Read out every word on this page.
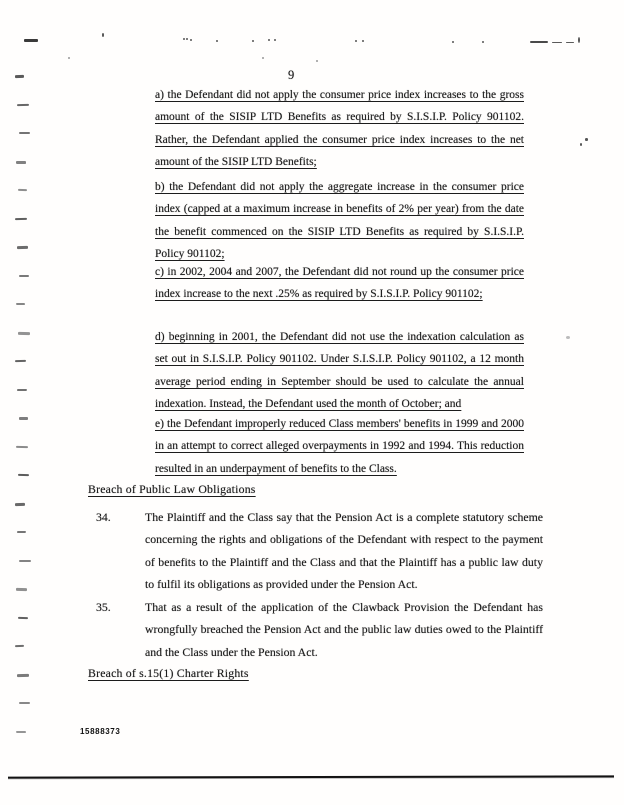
9
a) the Defendant did not apply the consumer price index increases to the gross amount of the SISIP LTD Benefits as required by S.I.S.I.P. Policy 901102. Rather, the Defendant applied the consumer price index increases to the net amount of the SISIP LTD Benefits;
b) the Defendant did not apply the aggregate increase in the consumer price index (capped at a maximum increase in benefits of 2% per year) from the date the benefit commenced on the SISIP LTD Benefits as required by S.I.S.I.P. Policy 901102;
c) in 2002, 2004 and 2007, the Defendant did not round up the consumer price index increase to the next .25% as required by S.I.S.I.P. Policy 901102;
d) beginning in 2001, the Defendant did not use the indexation calculation as set out in S.I.S.I.P. Policy 901102. Under S.I.S.I.P. Policy 901102, a 12 month average period ending in September should be used to calculate the annual indexation. Instead, the Defendant used the month of October; and
e) the Defendant improperly reduced Class members' benefits in 1999 and 2000 in an attempt to correct alleged overpayments in 1992 and 1994. This reduction resulted in an underpayment of benefits to the Class.
Breach of Public Law Obligations
34.	The Plaintiff and the Class say that the Pension Act is a complete statutory scheme concerning the rights and obligations of the Defendant with respect to the payment of benefits to the Plaintiff and the Class and that the Plaintiff has a public law duty to fulfil its obligations as provided under the Pension Act.
35.	That as a result of the application of the Clawback Provision the Defendant has wrongfully breached the Pension Act and the public law duties owed to the Plaintiff and the Class under the Pension Act.
Breach of s.15(1) Charter Rights
15888373
